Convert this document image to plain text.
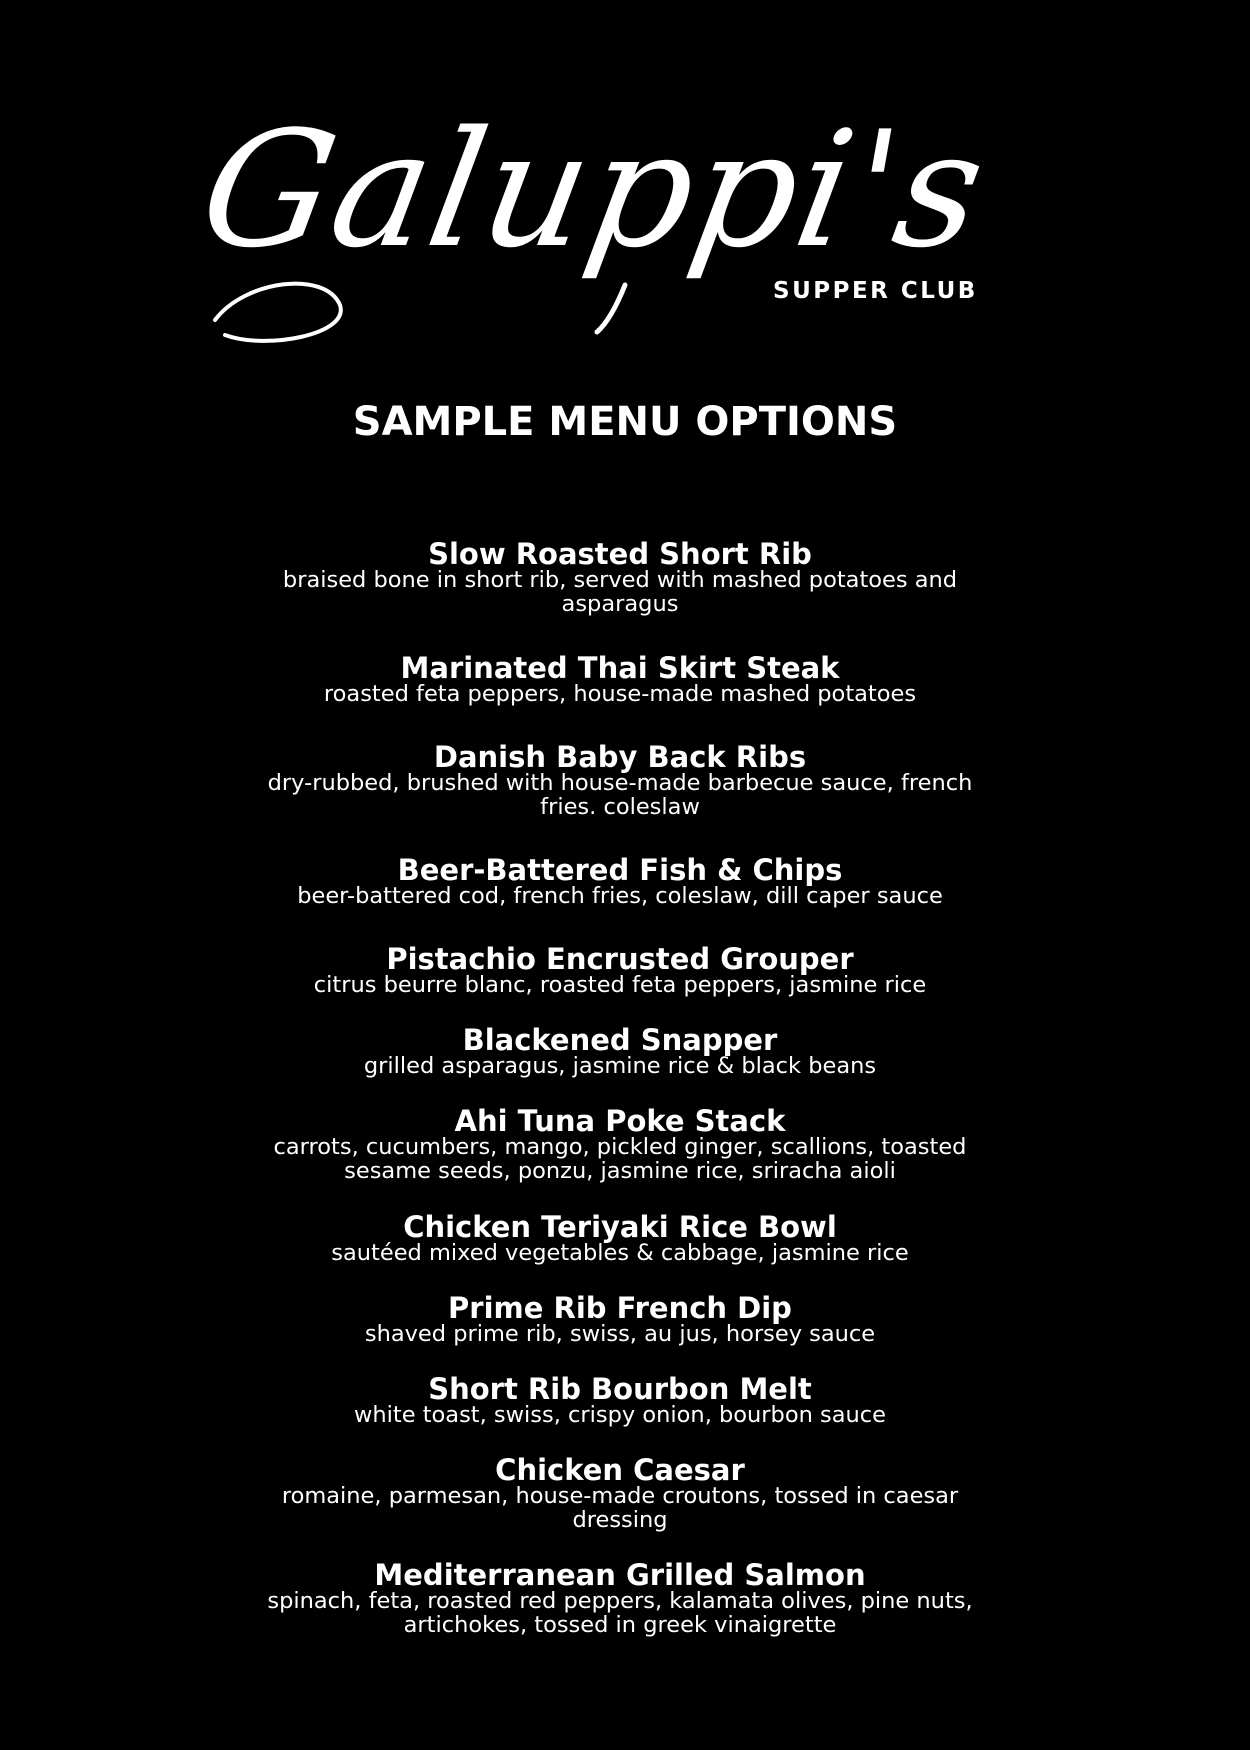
Galuppi's
SUPPER CLUB
SAMPLE MENU OPTIONS
Slow Roasted Short Rib
braised bone in short rib, served with mashed potatoes and asparagus
Marinated Thai Skirt Steak
roasted feta peppers, house-made mashed potatoes
Danish Baby Back Ribs
dry-rubbed, brushed with house-made barbecue sauce, french fries. coleslaw
Beer-Battered Fish & Chips
beer-battered cod, french fries, coleslaw, dill caper sauce
Pistachio Encrusted Grouper
citrus beurre blanc, roasted feta peppers, jasmine rice
Blackened Snapper
grilled asparagus, jasmine rice & black beans
Ahi Tuna Poke Stack
carrots, cucumbers, mango, pickled ginger, scallions, toasted sesame seeds, ponzu, jasmine rice, sriracha aioli
Chicken Teriyaki Rice Bowl
sautéed mixed vegetables & cabbage, jasmine rice
Prime Rib French Dip
shaved prime rib, swiss, au jus, horsey sauce
Short Rib Bourbon Melt
white toast, swiss, crispy onion, bourbon sauce
Chicken Caesar
romaine, parmesan, house-made croutons, tossed in caesar dressing
Mediterranean Grilled Salmon
spinach, feta, roasted red peppers, kalamata olives, pine nuts, artichokes, tossed in greek vinaigrette
